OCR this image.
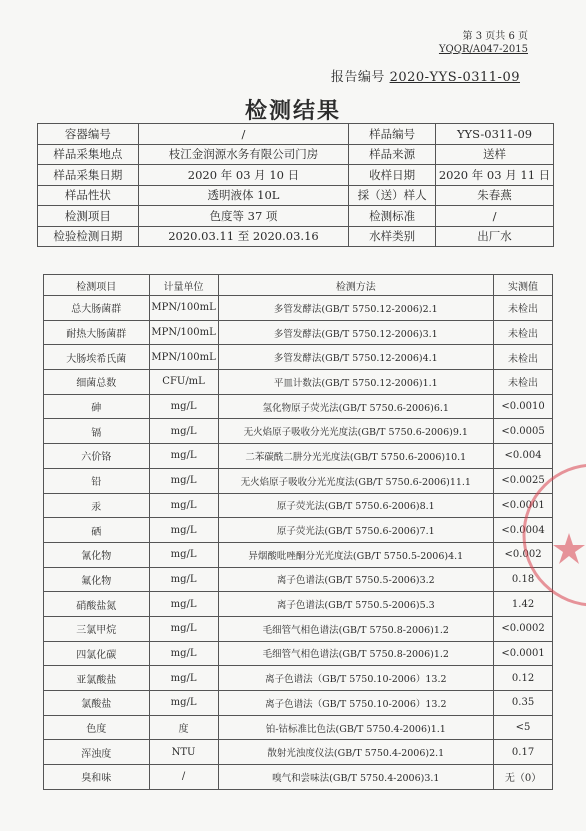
第 3 页共 6 页
YQQR/A047-2015
报告编号 2020-YYS-0311-09
检测结果
容器编号	/	样品编号	YYS-0311-09
样品采集地点	枝江金润源水务有限公司门房	样品来源	送样
样品采集日期	2020 年 03 月 10 日	收样日期	2020 年 03 月 11 日
样品性状	透明液体 10L	採（送）样人	朱春燕
检测项目	色度等 37 项	检测标准	/
检验检测日期	2020.03.11 至 2020.03.16	水样类别	出厂水
检测项目	计量单位	检测方法	实测值
总大肠菌群	MPN/100mL	多管发酵法(GB/T 5750.12-2006)2.1	未检出
耐热大肠菌群	MPN/100mL	多管发酵法(GB/T 5750.12-2006)3.1	未检出
大肠埃希氏菌	MPN/100mL	多管发酵法(GB/T 5750.12-2006)4.1	未检出
细菌总数	CFU/mL	平皿计数法(GB/T 5750.12-2006)1.1	未检出
砷	mg/L	氢化物原子荧光法(GB/T 5750.6-2006)6.1	<0.0010
镉	mg/L	无火焰原子吸收分光光度法(GB/T 5750.6-2006)9.1	<0.0005
六价铬	mg/L	二苯碳酰二肼分光光度法(GB/T 5750.6-2006)10.1	<0.004
铅	mg/L	无火焰原子吸收分光光度法(GB/T 5750.6-2006)11.1	<0.0025
汞	mg/L	原子荧光法(GB/T 5750.6-2006)8.1	<0.0001
硒	mg/L	原子荧光法(GB/T 5750.6-2006)7.1	<0.0004
氰化物	mg/L	异烟酸吡唑酮分光光度法(GB/T 5750.5-2006)4.1	<0.002
氟化物	mg/L	离子色谱法(GB/T 5750.5-2006)3.2	0.18
硝酸盐氮	mg/L	离子色谱法(GB/T 5750.5-2006)5.3	1.42
三氯甲烷	mg/L	毛细管气相色谱法(GB/T 5750.8-2006)1.2	<0.0002
四氯化碳	mg/L	毛细管气相色谱法(GB/T 5750.8-2006)1.2	<0.0001
亚氯酸盐	mg/L	离子色谱法（GB/T 5750.10-2006）13.2	0.12
氯酸盐	mg/L	离子色谱法（GB/T 5750.10-2006）13.2	0.35
色度	度	铂-钴标准比色法(GB/T 5750.4-2006)1.1	<5
浑浊度	NTU	散射光浊度仪法(GB/T 5750.4-2006)2.1	0.17
臭和味	/	嗅气和尝味法(GB/T 5750.4-2006)3.1	无（0）
